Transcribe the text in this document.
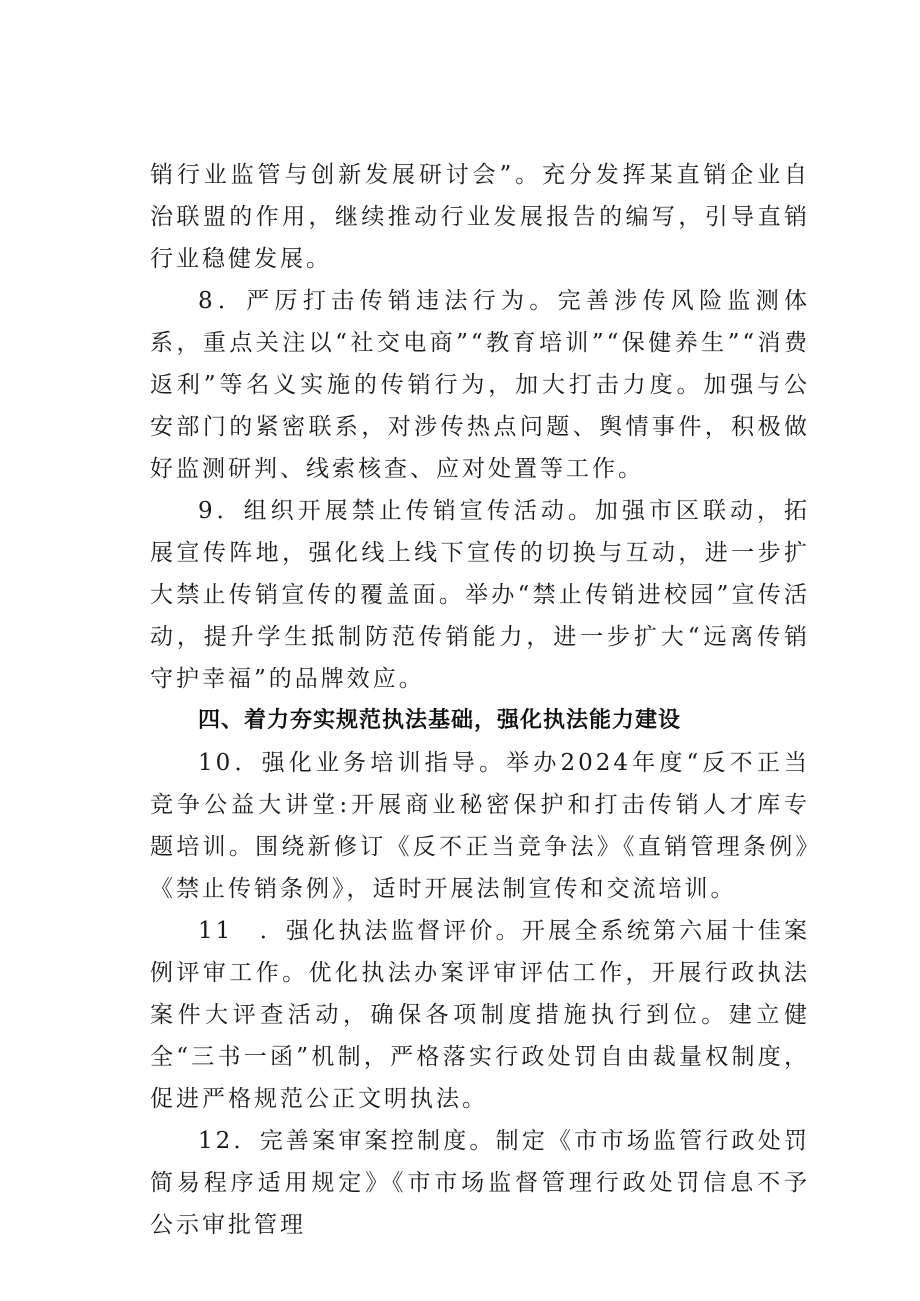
销行业监管与创新发展研讨会”。充分发挥某直销企业自治联盟的作用，继续推动行业发展报告的编写，引导直销行业稳健发展。

8．严厉打击传销违法行为。完善涉传风险监测体系，重点关注以“社交电商”“教育培训”“保健养生”“消费返利”等名义实施的传销行为，加大打击力度。加强与公安部门的紧密联系，对涉传热点问题、舆情事件，积极做好监测研判、线索核查、应对处置等工作。

9．组织开展禁止传销宣传活动。加强市区联动，拓展宣传阵地，强化线上线下宣传的切换与互动，进一步扩大禁止传销宣传的覆盖面。举办“禁止传销进校园”宣传活动，提升学生抵制防范传销能力，进一步扩大“远离传销守护幸福”的品牌效应。

四、着力夯实规范执法基础，强化执法能力建设

10．强化业务培训指导。举办2024年度“反不正当竞争公益大讲堂:开展商业秘密保护和打击传销人才库专题培训。围绕新修订《反不正当竞争法》《直销管理条例》《禁止传销条例》，适时开展法制宣传和交流培训。

11　．强化执法监督评价。开展全系统第六届十佳案例评审工作。优化执法办案评审评估工作，开展行政执法案件大评查活动，确保各项制度措施执行到位。建立健全“三书一函”机制，严格落实行政处罚自由裁量权制度，促进严格规范公正文明执法。

12．完善案审案控制度。制定《市市场监管行政处罚简易程序适用规定》《市市场监督管理行政处罚信息不予公示审批管理
